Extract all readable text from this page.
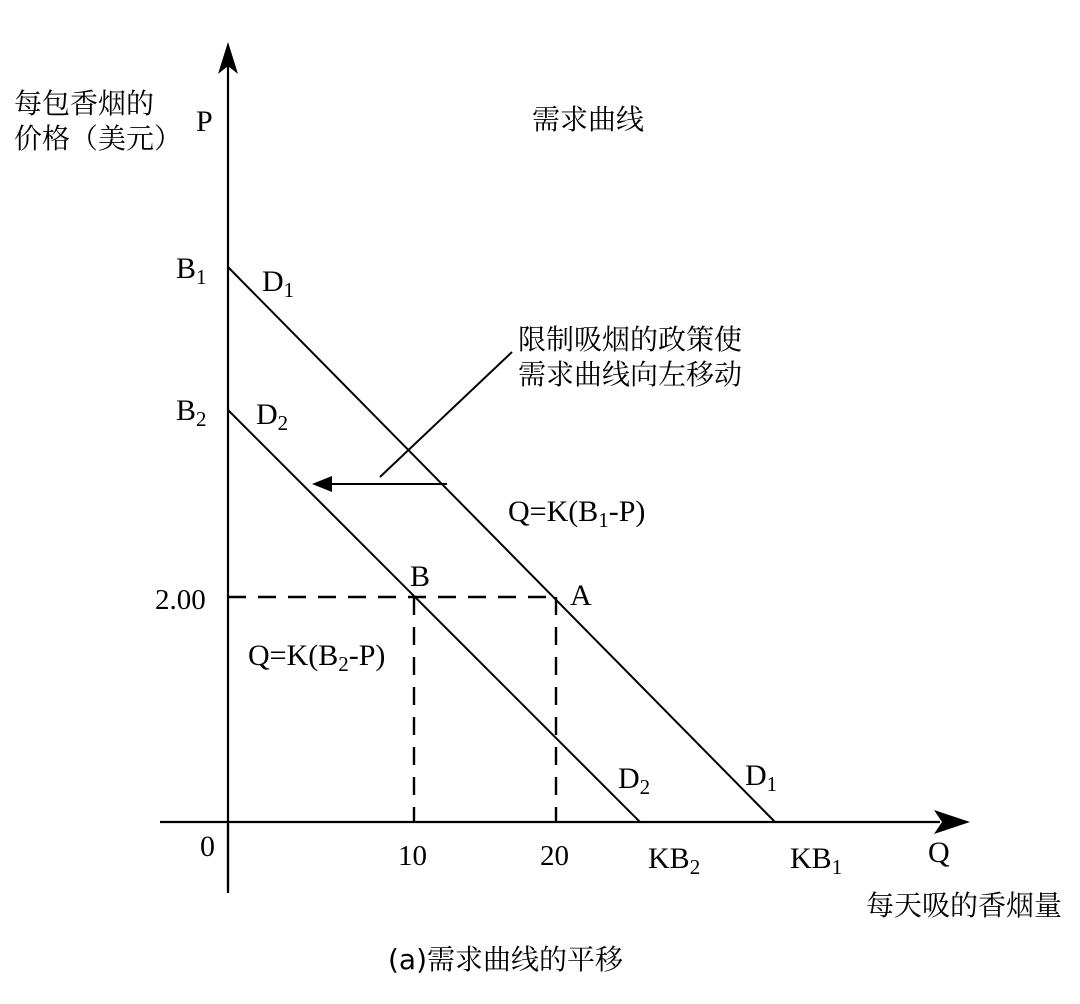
每包香烟的
价格（美元）
P	需求曲线
$B_1$ $D_1$
$B_2$ $D_2$
限制吸烟的政策使
需求曲线向左移动
$Q=K(B_1-P)$
B
A
2.00
$Q=K(B_2-P)$
$D_2$	$D_1$
0	10	20	$KB_2$	$KB_1$	Q
每天吸的香烟量
(a)需求曲线的平移
